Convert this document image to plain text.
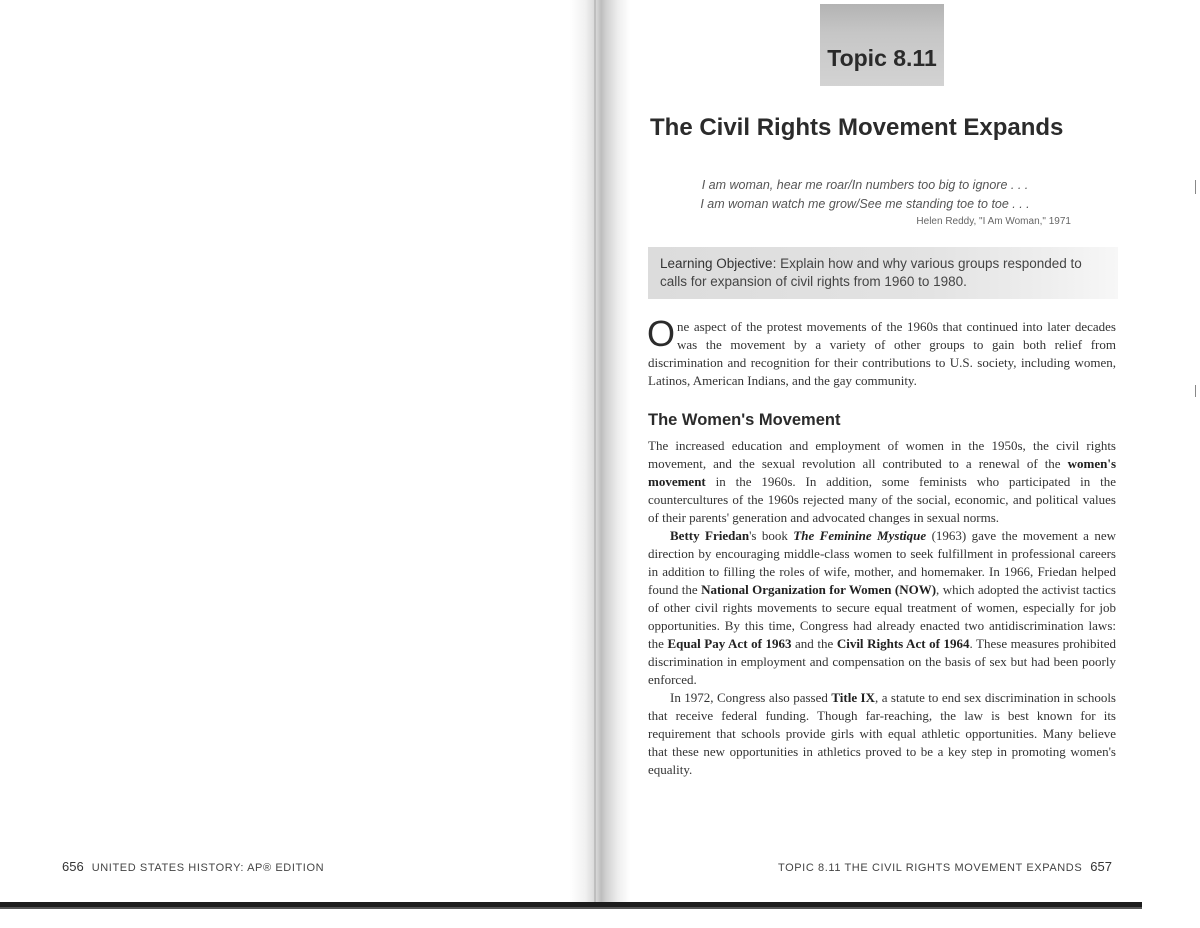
656 UNITED STATES HISTORY: AP® EDITION
Topic 8.11
The Civil Rights Movement Expands
I am woman, hear me roar/In numbers too big to ignore . . .
I am woman watch me grow/See me standing toe to toe . . .
Helen Reddy, "I Am Woman," 1971
Learning Objective: Explain how and why various groups responded to calls for expansion of civil rights from 1960 to 1980.
One aspect of the protest movements of the 1960s that continued into later decades was the movement by a variety of other groups to gain both relief from discrimination and recognition for their contributions to U.S. society, including women, Latinos, American Indians, and the gay community.
The Women's Movement

The increased education and employment of women in the 1950s, the civil rights movement, and the sexual revolution all contributed to a renewal of the women's movement in the 1960s. In addition, some feminists who participated in the countercultures of the 1960s rejected many of the social, economic, and political values of their parents' generation and advocated changes in sexual norms.

Betty Friedan's book The Feminine Mystique (1963) gave the movement a new direction by encouraging middle-class women to seek fulfillment in professional careers in addition to filling the roles of wife, mother, and homemaker. In 1966, Friedan helped found the National Organization for Women (NOW), which adopted the activist tactics of other civil rights movements to secure equal treatment of women, especially for job opportunities. By this time, Congress had already enacted two antidiscrimination laws: the Equal Pay Act of 1963 and the Civil Rights Act of 1964. These measures prohibited discrimination in employment and compensation on the basis of sex but had been poorly enforced.

In 1972, Congress also passed Title IX, a statute to end sex discrimination in schools that receive federal funding. Though far-reaching, the law is best known for its requirement that schools provide girls with equal athletic opportunities. Many believe that these new opportunities in athletics proved to be a key step in promoting women's equality.

TOPIC 8.11 THE CIVIL RIGHTS MOVEMENT EXPANDS 657
